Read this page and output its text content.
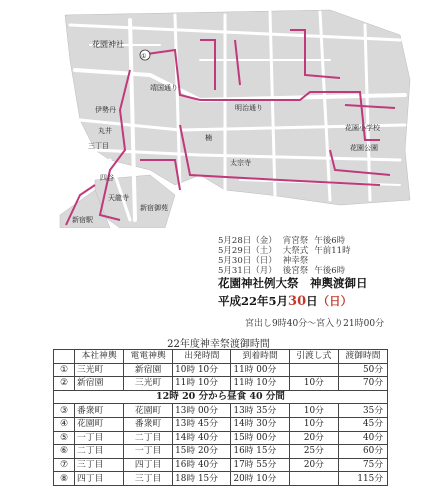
花園神社
①
靖国通り
明治通り
伊勢丹
丸井
三丁目
四谷
新宿御苑
花園小学校
花園公園
太宗寺
天龍寺
楠
新宿駅
5月28日（金） 宵宮祭 午後6時
5月29日（土） 大祭式 午前11時
5月30日（日） 神幸祭
5月31日（月） 後宮祭 午後6時
花園神社例大祭　神輿渡御日
平成22年5月30日（日）
宮出し9時40分〜宮入り21時00分
22年度神幸祭渡御時間
	本社神輿	電電神輿	出発時間	到着時間	引渡し式	渡御時間
①	三光町	新宿園	10時 10分	11時 00分		50分
②	新宿園	三光町	11時 10分	11時 10分	10分	70分
12時 20 分から昼食 40 分間						
③	番衆町	花園町	13時 00分	13時 35分	10分	35分
④	花園町	番衆町	13時 45分	14時 30分	10分	45分
⑤	一丁目	二丁目	14時 40分	15時 00分	20分	40分
⑥	二丁目	一丁目	15時 20分	16時 15分	25分	60分
⑦	三丁目	四丁目	16時 40分	17時 55分	20分	75分
⑧	四丁目	三丁目	18時 15分	20時 10分		115分
